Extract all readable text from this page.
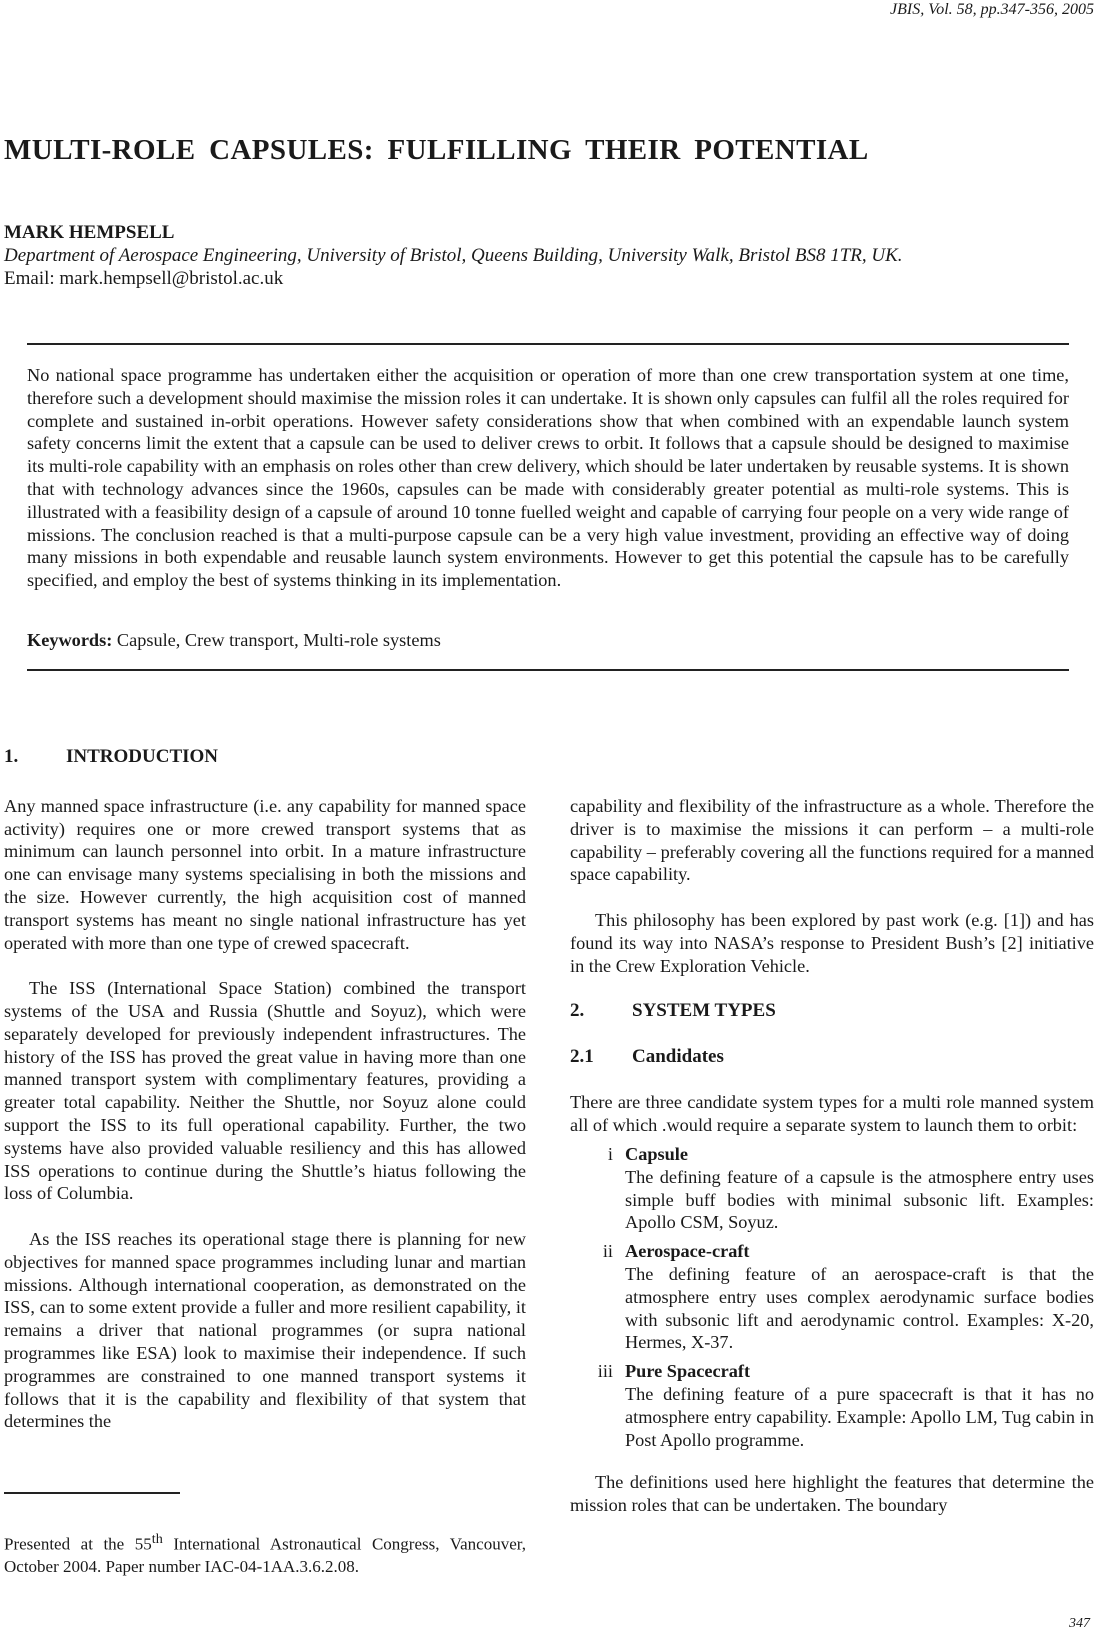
JBIS, Vol. 58, pp.347-356, 2005
MULTI-ROLE CAPSULES: FULFILLING THEIR POTENTIAL
MARK HEMPSELL
Department of Aerospace Engineering, University of Bristol, Queens Building, University Walk, Bristol BS8 1TR, UK.
Email: mark.hempsell@bristol.ac.uk
No national space programme has undertaken either the acquisition or operation of more than one crew transportation system at one time, therefore such a development should maximise the mission roles it can undertake. It is shown only capsules can fulfil all the roles required for complete and sustained in-orbit operations. However safety considerations show that when combined with an expendable launch system safety concerns limit the extent that a capsule can be used to deliver crews to orbit. It follows that a capsule should be designed to maximise its multi-role capability with an emphasis on roles other than crew delivery, which should be later undertaken by reusable systems. It is shown that with technology advances since the 1960s, capsules can be made with considerably greater potential as multi-role systems. This is illustrated with a feasibility design of a capsule of around 10 tonne fuelled weight and capable of carrying four people on a very wide range of missions. The conclusion reached is that a multi-purpose capsule can be a very high value investment, providing an effective way of doing many missions in both expendable and reusable launch system environments. However to get this potential the capsule has to be carefully specified, and employ the best of systems thinking in its implementation.
Keywords: Capsule, Crew transport, Multi-role systems
1.	INTRODUCTION

Any manned space infrastructure (i.e. any capability for manned space activity) requires one or more crewed transport systems that as minimum can launch personnel into orbit. In a mature infrastructure one can envisage many systems specialising in both the missions and the size. However currently, the high acquisition cost of manned transport systems has meant no single national infrastructure has yet operated with more than one type of crewed spacecraft.

The ISS (International Space Station) combined the transport systems of the USA and Russia (Shuttle and Soyuz), which were separately developed for previously independent infrastructures. The history of the ISS has proved the great value in having more than one manned transport system with complimentary features, providing a greater total capability. Neither the Shuttle, nor Soyuz alone could support the ISS to its full operational capability. Further, the two systems have also provided valuable resiliency and this has allowed ISS operations to continue during the Shuttle’s hiatus following the loss of Columbia.

As the ISS reaches its operational stage there is planning for new objectives for manned space programmes including lunar and martian missions. Although international cooperation, as demonstrated on the ISS, can to some extent provide a fuller and more resilient capability, it remains a driver that national programmes (or supra national programmes like ESA) look to maximise their independence. If such programmes are constrained to one manned transport systems it follows that it is the capability and flexibility of that system that determines the

Presented at the 55th International Astronautical Congress, Vancouver, October 2004. Paper number IAC-04-1AA.3.6.2.08.

capability and flexibility of the infrastructure as a whole. Therefore the driver is to maximise the missions it can perform – a multi-role capability – preferably covering all the functions required for a manned space capability.

This philosophy has been explored by past work (e.g. [1]) and has found its way into NASA’s response to President Bush’s [2] initiative in the Crew Exploration Vehicle.

2.	SYSTEM TYPES
2.1 Candidates

There are three candidate system types for a multi role manned system all of which .would require a separate system to launch them to orbit:

i Capsule
The defining feature of a capsule is the atmosphere entry uses simple buff bodies with minimal subsonic lift. Examples: Apollo CSM, Soyuz.
ii Aerospace-craft
The defining feature of an aerospace-craft is that the atmosphere entry uses complex aerodynamic surface bodies with subsonic lift and aerodynamic control. Examples: X-20, Hermes, X-37.
iii Pure Spacecraft
The defining feature of a pure spacecraft is that it has no atmosphere entry capability. Example: Apollo LM, Tug cabin in Post Apollo programme.

The definitions used here highlight the features that determine the mission roles that can be undertaken. The boundary

347
